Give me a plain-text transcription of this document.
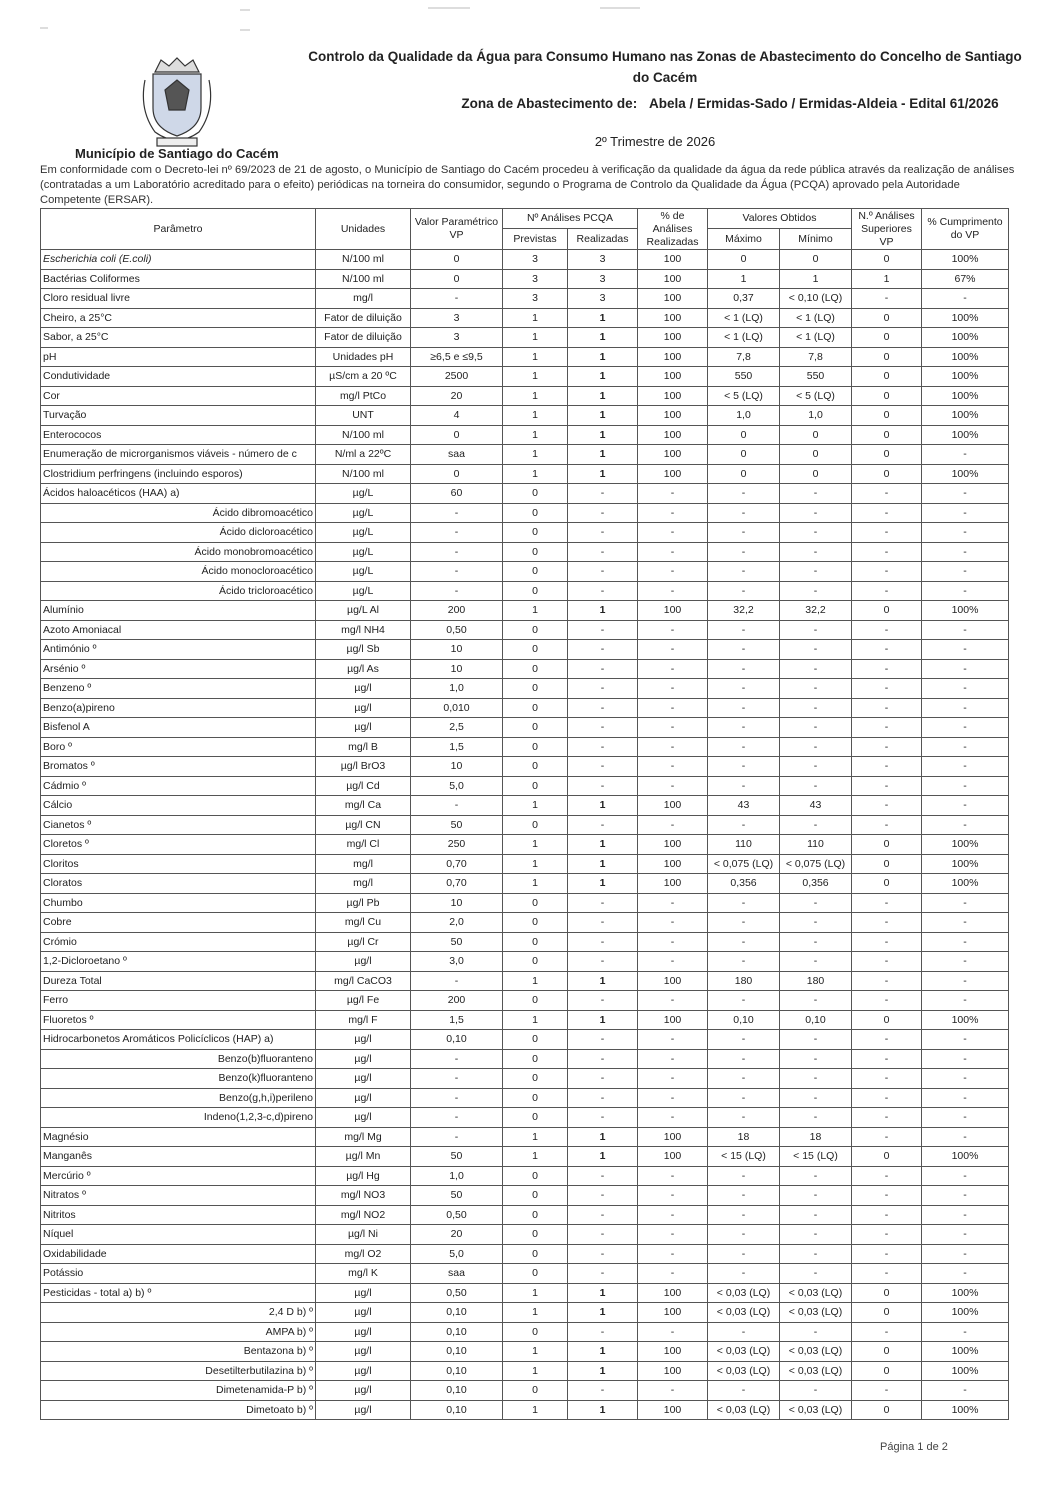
Controlo da Qualidade da Água para Consumo Humano nas Zonas de Abastecimento do Concelho de Santiago do Cacém
Zona de Abastecimento de: Abela / Ermidas-Sado / Ermidas-Aldeia - Edital 61/2026
2º Trimestre de 2026
Município de Santiago do Cacém
Em conformidade com o Decreto-lei nº 69/2023 de 21 de agosto, o Município de Santiago do Cacém procedeu à verificação da qualidade da água da rede pública através da realização de análises (contratadas a um Laboratório acreditado para o efeito) periódicas na torneira do consumidor, segundo o Programa de Controlo da Qualidade da Água (PCQA) aprovado pela Autoridade Competente (ERSAR).
Parâmetro	Unidades	Valor Paramétrico VP	Nº Análises PCQA		% de Análises Realizadas	Valores Obtidos		N.º Análises Superiores VP	% Cumprimento do VP
			Previstas	Realizadas		Máximo	Mínimo		
Escherichia coli (E.coli)	N/100 ml	0	3	3	100	0	0	0	100%
Bactérias Coliformes	N/100 ml	0	3	3	100	1	1	1	67%
Cloro residual livre	mg/l	-	3	3	100	0,37	< 0,10 (LQ)	-	-
Cheiro, a 25°C	Fator de diluição	3	1	1	100	< 1 (LQ)	< 1 (LQ)	0	100%
Sabor, a 25°C	Fator de diluição	3	1	1	100	< 1 (LQ)	< 1 (LQ)	0	100%
pH	Unidades pH	≥6,5 e ≤9,5	1	1	100	7,8	7,8	0	100%
Condutividade	µS/cm a 20 ºC	2500	1	1	100	550	550	0	100%
Cor	mg/l PtCo	20	1	1	100	< 5 (LQ)	< 5 (LQ)	0	100%
Turvação	UNT	4	1	1	100	1,0	1,0	0	100%
Enterococos	N/100 ml	0	1	1	100	0	0	0	100%
Enumeração de microrganismos viáveis - número de c	N/ml a 22ºC	saa	1	1	100	0	0	0	-
Clostridium perfringens (incluindo esporos)	N/100 ml	0	1	1	100	0	0	0	100%
Ácidos haloacéticos (HAA) a)	µg/L	60	0	-	-	-	-	-	-
Ácido dibromoacético	µg/L	-	0	-	-	-	-	-	-
Ácido dicloroacético	µg/L	-	0	-	-	-	-	-	-
Ácido monobromoacético	µg/L	-	0	-	-	-	-	-	-
Ácido monocloroacético	µg/L	-	0	-	-	-	-	-	-
Ácido tricloroacético	µg/L	-	0	-	-	-	-	-	-
Alumínio	µg/L Al	200	1	1	100	32,2	32,2	0	100%
Azoto Amoniacal	mg/l NH4	0,50	0	-	-	-	-	-	-
Antimónio º	µg/l Sb	10	0	-	-	-	-	-	-
Arsénio º	µg/l As	10	0	-	-	-	-	-	-
Benzeno º	µg/l	1,0	0	-	-	-	-	-	-
Benzo(a)pireno	µg/l	0,010	0	-	-	-	-	-	-
Bisfenol A	µg/l	2,5	0	-	-	-	-	-	-
Boro º	mg/l B	1,5	0	-	-	-	-	-	-
Bromatos º	µg/l BrO3	10	0	-	-	-	-	-	-
Cádmio º	µg/l Cd	5,0	0	-	-	-	-	-	-
Cálcio	mg/l Ca	-	1	1	100	43	43	-	-
Cianetos º	µg/l CN	50	0	-	-	-	-	-	-
Cloretos º	mg/l Cl	250	1	1	100	110	110	0	100%
Cloritos	mg/l	0,70	1	1	100	< 0,075 (LQ)	< 0,075 (LQ)	0	100%
Cloratos	mg/l	0,70	1	1	100	0,356	0,356	0	100%
Chumbo	µg/l Pb	10	0	-	-	-	-	-	-
Cobre	mg/l Cu	2,0	0	-	-	-	-	-	-
Crómio	µg/l Cr	50	0	-	-	-	-	-	-
1,2-Dicloroetano º	µg/l	3,0	0	-	-	-	-	-	-
Dureza Total	mg/l CaCO3	-	1	1	100	180	180	-	-
Ferro	µg/l Fe	200	0	-	-	-	-	-	-
Fluoretos º	mg/l F	1,5	1	1	100	0,10	0,10	0	100%
Hidrocarbonetos Aromáticos Policíclicos (HAP) a)	µg/l	0,10	0	-	-	-	-	-	-
Benzo(b)fluoranteno	µg/l	-	0	-	-	-	-	-	-
Benzo(k)fluoranteno	µg/l	-	0	-	-	-	-	-	-
Benzo(g,h,i)perileno	µg/l	-	0	-	-	-	-	-	-
Indeno(1,2,3-c,d)pireno	µg/l	-	0	-	-	-	-	-	-
Magnésio	mg/l Mg	-	1	1	100	18	18	-	-
Manganês	µg/l Mn	50	1	1	100	< 15 (LQ)	< 15 (LQ)	0	100%
Mercúrio º	µg/l Hg	1,0	0	-	-	-	-	-	-
Nitratos º	mg/l NO3	50	0	-	-	-	-	-	-
Nitritos	mg/l NO2	0,50	0	-	-	-	-	-	-
Níquel	µg/l Ni	20	0	-	-	-	-	-	-
Oxidabilidade	mg/l O2	5,0	0	-	-	-	-	-	-
Potássio	mg/l K	saa	0	-	-	-	-	-	-
Pesticidas - total a) b) º	µg/l	0,50	1	1	100	< 0,03 (LQ)	< 0,03 (LQ)	0	100%
2,4 D b) º	µg/l	0,10	1	1	100	< 0,03 (LQ)	< 0,03 (LQ)	0	100%
AMPA b) º	µg/l	0,10	0	-	-	-	-	-	-
Bentazona b) º	µg/l	0,10	1	1	100	< 0,03 (LQ)	< 0,03 (LQ)	0	100%
Desetilterbutilazina b) º	µg/l	0,10	1	1	100	< 0,03 (LQ)	< 0,03 (LQ)	0	100%
Dimetenamida-P b) º	µg/l	0,10	0	-	-	-	-	-	-
Dimetoato b) º	µg/l	0,10	1	1	100	< 0,03 (LQ)	< 0,03 (LQ)	0	100%
Página 1 de 2
